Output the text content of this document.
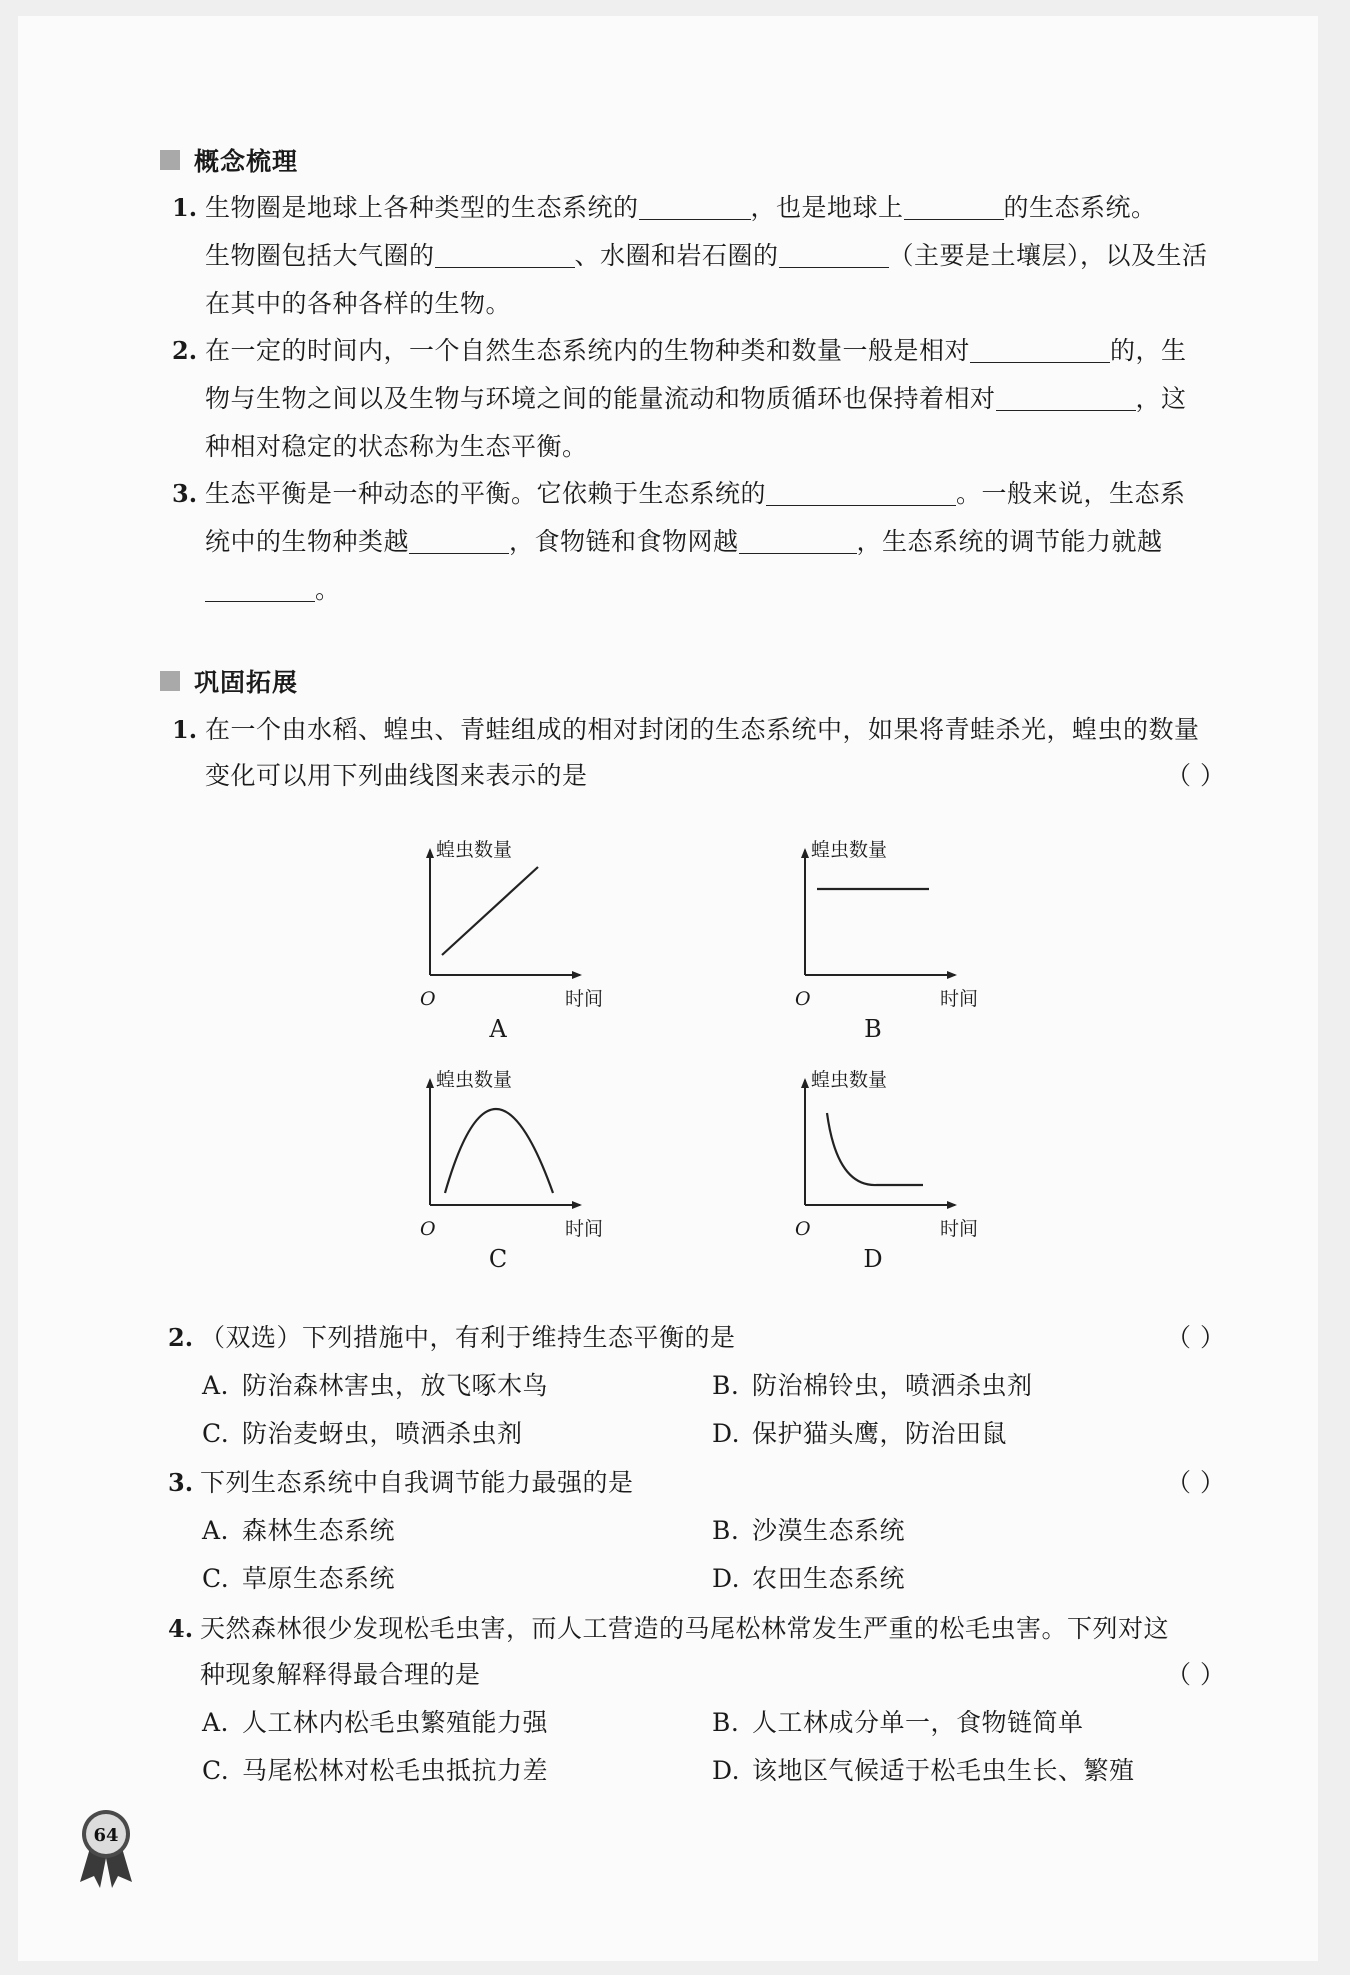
概念梳理
1. 生物圈是地球上各种类型的生态系统的	，也是地球上	的生态系统。
生物圈包括大气圈的	、水圈和岩石圈的	（主要是土壤层），以及生活
在其中的各种各样的生物。
2. 在一定的时间内，一个自然生态系统内的生物种类和数量一般是相对	的，生
物与生物之间以及生物与环境之间的能量流动和物质循环也保持着相对	，这
种相对稳定的状态称为生态平衡。
3. 生态平衡是一种动态的平衡。它依赖于生态系统的	。一般来说，生态系
统中的生物种类越	，食物链和食物网越	，生态系统的调节能力就越
。
巩固拓展
1. 在一个由水稻、蝗虫、青蛙组成的相对封闭的生态系统中，如果将青蛙杀光，蝗虫的数量
变化可以用下列曲线图来表示的是	（ ）
蝗虫数量
时间
O
A
蝗虫数量
时间
O
B
蝗虫数量
时间
O
C
蝗虫数量
时间
O
D
2. （双选）下列措施中，有利于维持生态平衡的是	（ ）
A. 防治森林害虫，放飞啄木鸟	B. 防治棉铃虫，喷洒杀虫剂
C. 防治麦蚜虫，喷洒杀虫剂	D. 保护猫头鹰，防治田鼠
3. 下列生态系统中自我调节能力最强的是	（ ）
A. 森林生态系统	B. 沙漠生态系统
C. 草原生态系统	D. 农田生态系统
4. 天然森林很少发现松毛虫害，而人工营造的马尾松林常发生严重的松毛虫害。下列对这
种现象解释得最合理的是	（ ）
A. 人工林内松毛虫繁殖能力强	B. 人工林成分单一，食物链简单
C. 马尾松林对松毛虫抵抗力差	D. 该地区气候适于松毛虫生长、繁殖
64
